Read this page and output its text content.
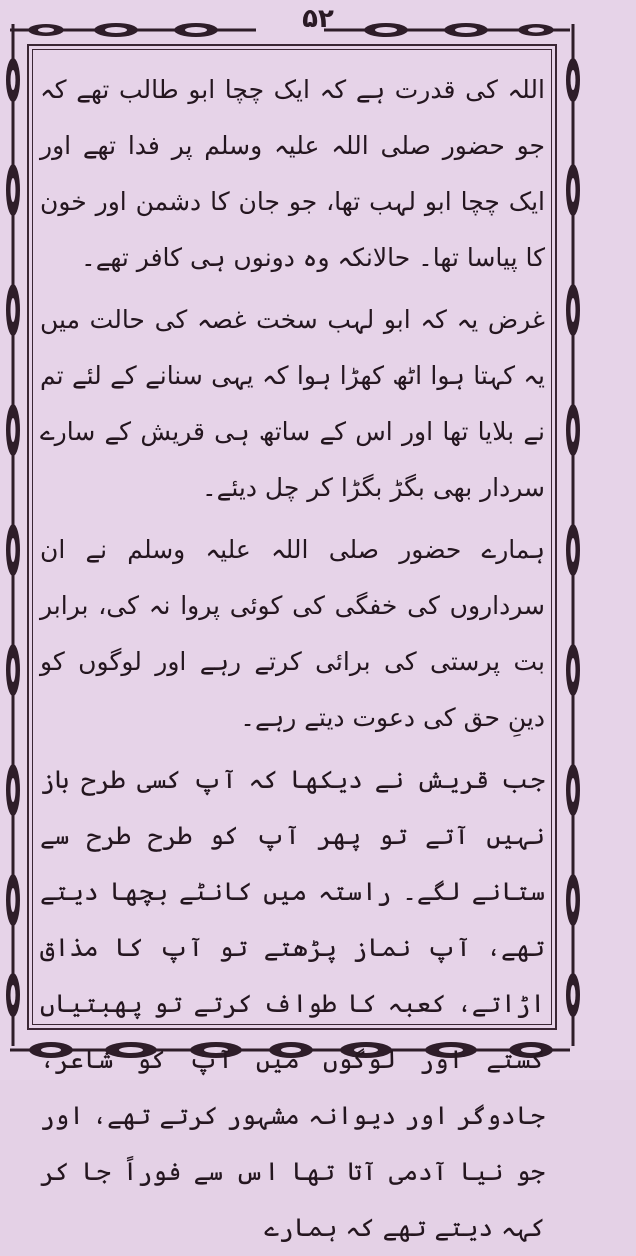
۵۲

اللہ کی قدرت ہے کہ ایک چچا ابو طالب تھے کہ جو حضور صلی اللہ علیہ وسلم پر فدا تھے اور ایک چچا ابو لہب تھا، جو جان کا دشمن اور خون کا پیاسا تھا۔ حالانکہ وہ دونوں ہی کافر تھے۔

غرض یہ کہ ابو لہب سخت غصہ کی حالت میں یہ کہتا ہوا اٹھ کھڑا ہوا کہ یہی سنانے کے لئے تم نے بلایا تھا اور اس کے ساتھ ہی قریش کے سارے سردار بھی بگڑ بگڑا کر چل دیئے۔

ہمارے حضور صلی اللہ علیہ وسلم نے ان سرداروں کی خفگی کی کوئی پروا نہ کی، برابر بت پرستی کی برائی کرتے رہے اور لوگوں کو دینِ حق کی دعوت دیتے رہے۔

جب قریش نے دیکھا کہ آپ کسی طرح باز نہیں آتے تو پھر آپ کو طرح طرح سے ستانے لگے۔ راستہ میں کانٹے بچھا دیتے تھے، آپ نماز پڑھتے تو آپ کا مذاق اڑاتے، کعبہ کا طواف کرتے تو پھبتیاں کستے اور لوگوں میں آپ کو شاعر، جادوگر اور دیوانہ مشہور کرتے تھے، اور جو نیا آدمی آتا تھا اس سے فوراً جا کر کہہ دیتے تھے کہ ہمارے
